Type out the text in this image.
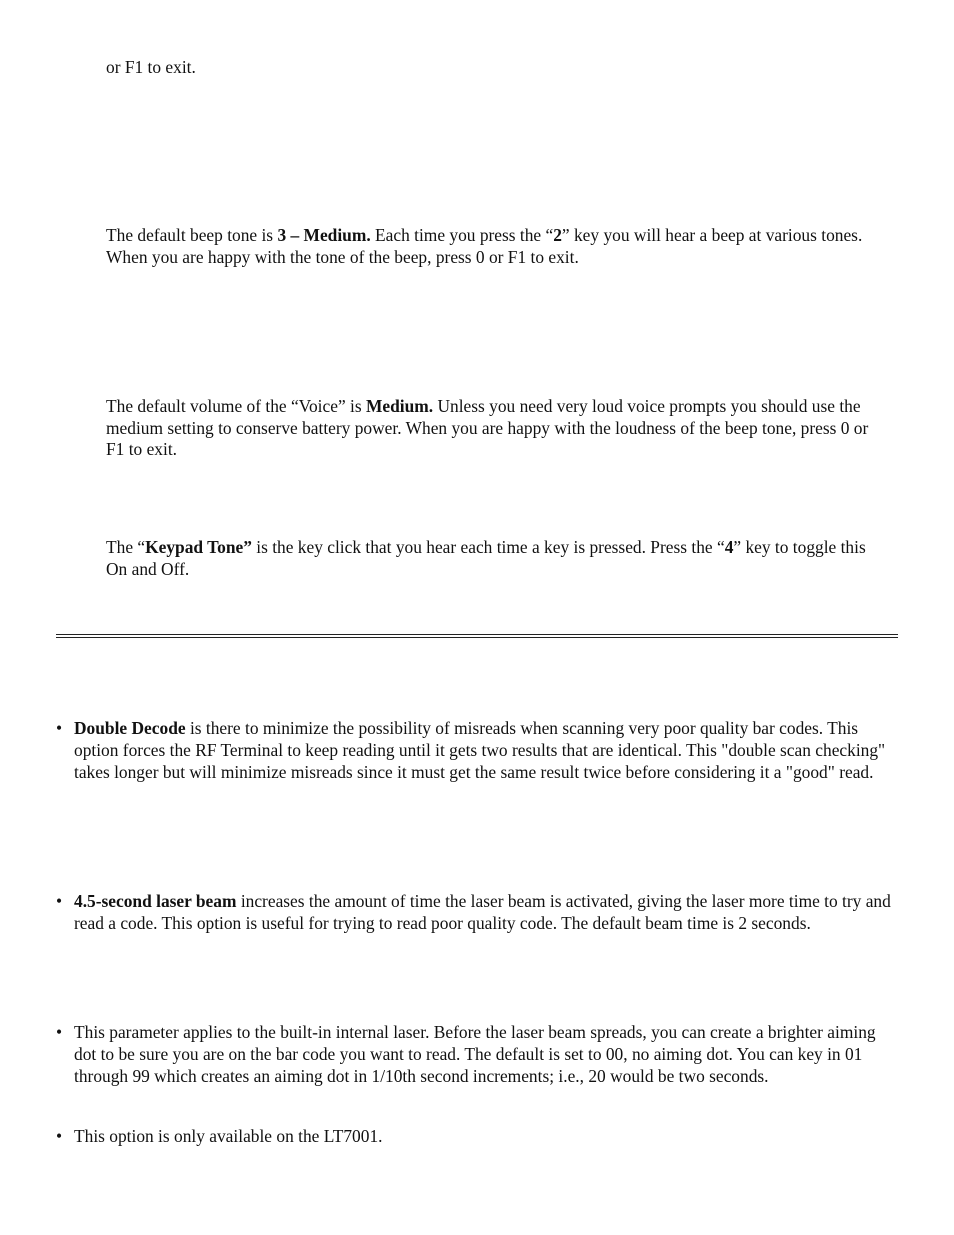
or F1 to exit.

The default beep tone is 3 – Medium. Each time you press the “2” key you will hear a beep at various tones. When you are happy with the tone of the beep, press 0 or F1 to exit.

The default volume of the “Voice” is Medium. Unless you need very loud voice prompts you should use the medium setting to conserve battery power. When you are happy with the loudness of the beep tone, press 0 or F1 to exit.

The “Keypad Tone” is the key click that you hear each time a key is pressed. Press the “4” key to toggle this On and Off.

• Double Decode is there to minimize the possibility of misreads when scanning very poor quality bar codes. This option forces the RF Terminal to keep reading until it gets two results that are identical. This "double scan checking" takes longer but will minimize misreads since it must get the same result twice before considering it a "good" read.
• 4.5-second laser beam increases the amount of time the laser beam is activated, giving the laser more time to try and read a code. This option is useful for trying to read poor quality code. The default beam time is 2 seconds.
• This parameter applies to the built-in internal laser. Before the laser beam spreads, you can create a brighter aiming dot to be sure you are on the bar code you want to read. The default is set to 00, no aiming dot. You can key in 01 through 99 which creates an aiming dot in 1/10th second increments; i.e., 20 would be two seconds.
• This option is only available on the LT7001.
